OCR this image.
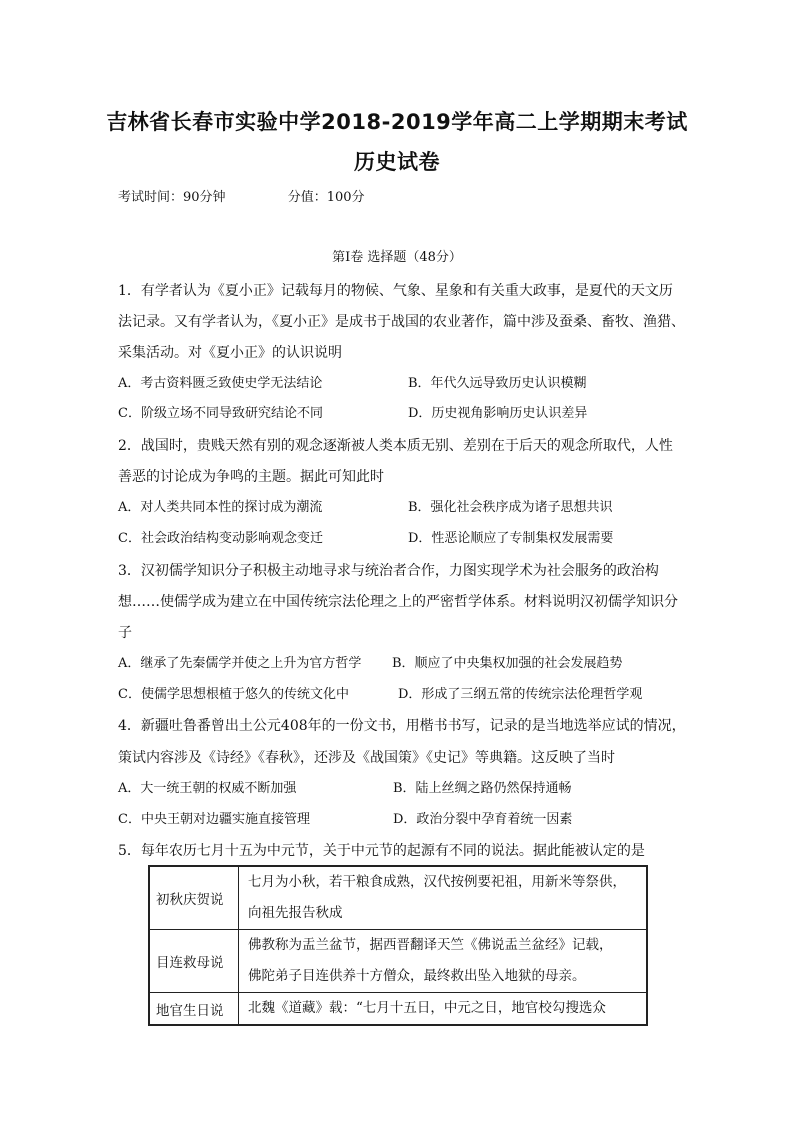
吉林省长春市实验中学2018-2019学年高二上学期期末考试
历史试卷
考试时间：90分钟	分值：100分
第Ⅰ卷 选择题（48分）
1．有学者认为《夏小正》记载每月的物候、气象、星象和有关重大政事，是夏代的天文历
法记录。又有学者认为，《夏小正》是成书于战国的农业著作，篇中涉及蚕桑、畜牧、渔猎、
采集活动。对《夏小正》的认识说明
A．考古资料匮乏致使史学无法结论	B．年代久远导致历史认识模糊
C．阶级立场不同导致研究结论不同	D．历史视角影响历史认识差异
2．战国时，贵贱天然有别的观念逐渐被人类本质无别、差别在于后天的观念所取代，人性
善恶的讨论成为争鸣的主题。据此可知此时
A．对人类共同本性的探讨成为潮流	B．强化社会秩序成为诸子思想共识
C．社会政治结构变动影响观念变迁	D．性恶论顺应了专制集权发展需要
3．汉初儒学知识分子积极主动地寻求与统治者合作，力图实现学术为社会服务的政治构
想……使儒学成为建立在中国传统宗法伦理之上的严密哲学体系。材料说明汉初儒学知识分
子
A．继承了先秦儒学并使之上升为官方哲学 B．顺应了中央集权加强的社会发展趋势
C．使儒学思想根植于悠久的传统文化中	D．形成了三纲五常的传统宗法伦理哲学观
4．新疆吐鲁番曾出土公元408年的一份文书，用楷书书写，记录的是当地选举应试的情况，
策试内容涉及《诗经》《春秋》，还涉及《战国策》《史记》等典籍。这反映了当时
A．大一统王朝的权威不断加强	B．陆上丝绸之路仍然保持通畅
C．中央王朝对边疆实施直接管理	D．政治分裂中孕育着统一因素
5．每年农历七月十五为中元节，关于中元节的起源有不同的说法。据此能被认定的是
初秋庆贺说	七月为小秋，若干粮食成熟，汉代按例要祀祖，用新米等祭供，
向祖先报告秋成

目连救母说	佛教称为盂兰盆节，据西晋翻译天竺《佛说盂兰盆经》记载，
佛陀弟子目连供养十方僧众，最终救出坠入地狱的母亲。

地官生日说	北魏《道藏》载：“七月十五日，中元之日，地官校勾搜选众
